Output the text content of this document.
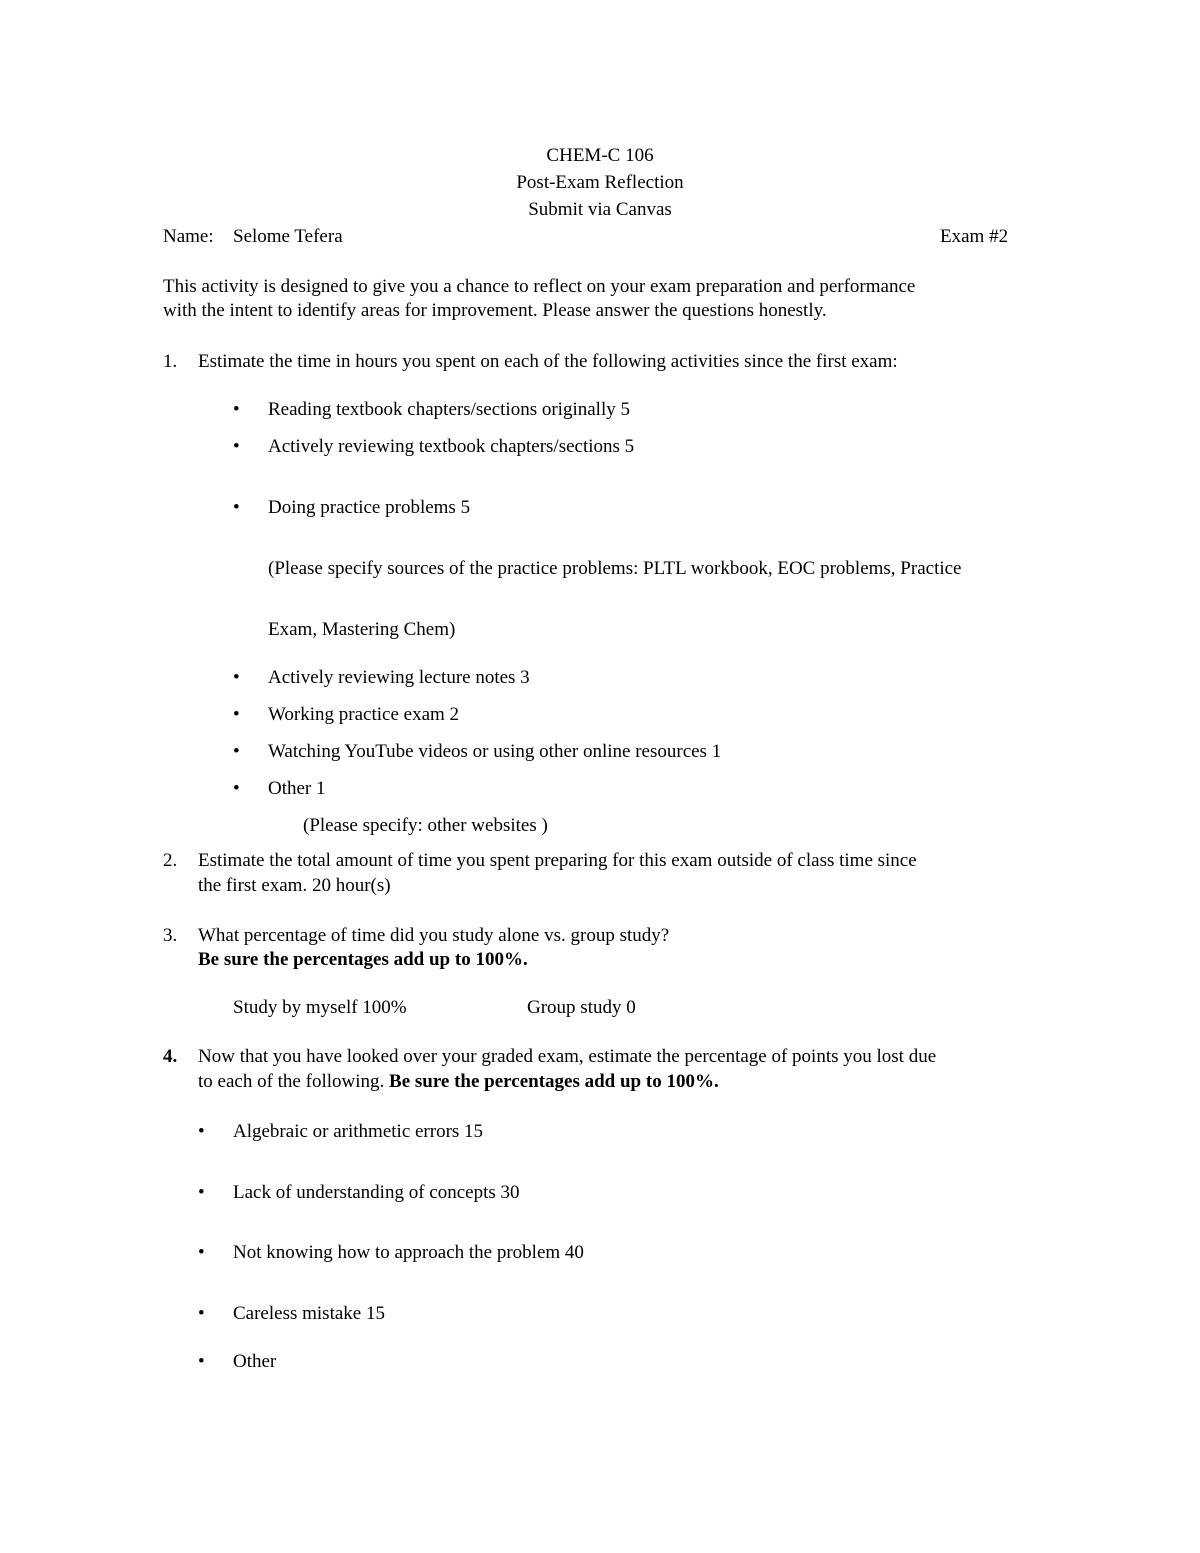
CHEM-C 106
Post-Exam Reflection
Submit via Canvas
Name: Selome Tefera	Exam #2
This activity is designed to give you a chance to reflect on your exam preparation and performance
with the intent to identify areas for improvement. Please answer the questions honestly.
1. Estimate the time in hours you spent on each of the following activities since the first exam:
•
Reading textbook chapters/sections originally 5
•
Actively reviewing textbook chapters/sections 5
•
Doing practice problems 5
(Please specify sources of the practice problems: PLTL workbook, EOC problems, Practice
Exam, Mastering Chem)
•
Actively reviewing lecture notes 3
•
Working practice exam 2
•
Watching YouTube videos or using other online resources 1
•
Other 1
(Please specify: other websites )
2. Estimate the total amount of time you spent preparing for this exam outside of class time since
the first exam. 20 hour(s)
3. What percentage of time did you study alone vs. group study?
Be sure the percentages add up to 100%.
Study by myself 100%	Group study 0
4. Now that you have looked over your graded exam, estimate the percentage of points you lost due
to each of the following. Be sure the percentages add up to 100%.
•
Algebraic or arithmetic errors 15
•
Lack of understanding of concepts 30
•
Not knowing how to approach the problem 40
•
Careless mistake 15
•
Other
